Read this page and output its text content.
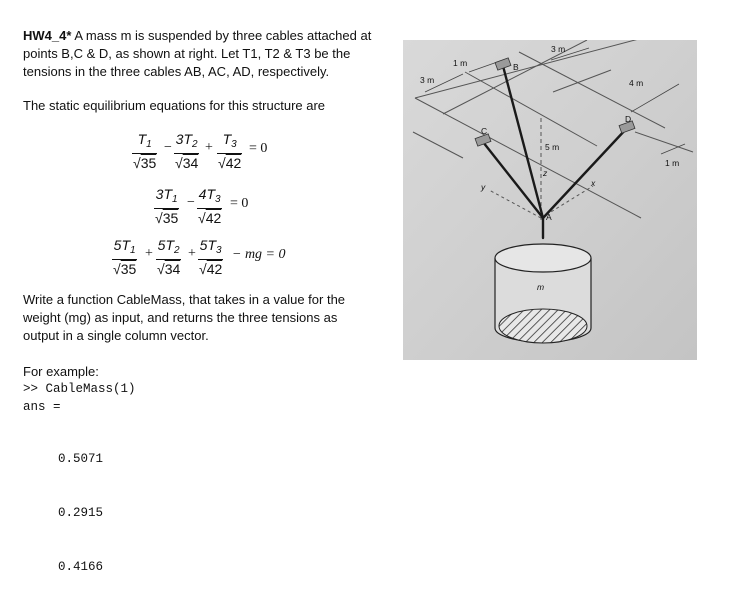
HW4_4* A mass m is suspended by three cables attached at
points B,C & D, as shown at right. Let T1, T2 & T3 be the
tensions in the three cables AB, AC, AD, respectively.
The static equilibrium equations for this structure are
$\frac{T_1}{√35} - \frac{3T_2}{√34} + \frac{T_3}{√42} = 0$
$\frac{3T_1}{√35} - \frac{4T_3}{√42} = 0$
$\frac{5T_1}{√35} + \frac{5T_2}{√34} + \frac{5T_3}{√42}$ − mg = 0
Write a function CableMass, that takes in a value for the
weight (mg) as input, and returns the three tensions as
output in a single column vector.
For example:
>> CableMass(1)
ans =

0.5071

0.2915

0.4166

3 m
1 m
3 m	4 m
1 m
5 m
B
C
D
A
x
y
z
m
